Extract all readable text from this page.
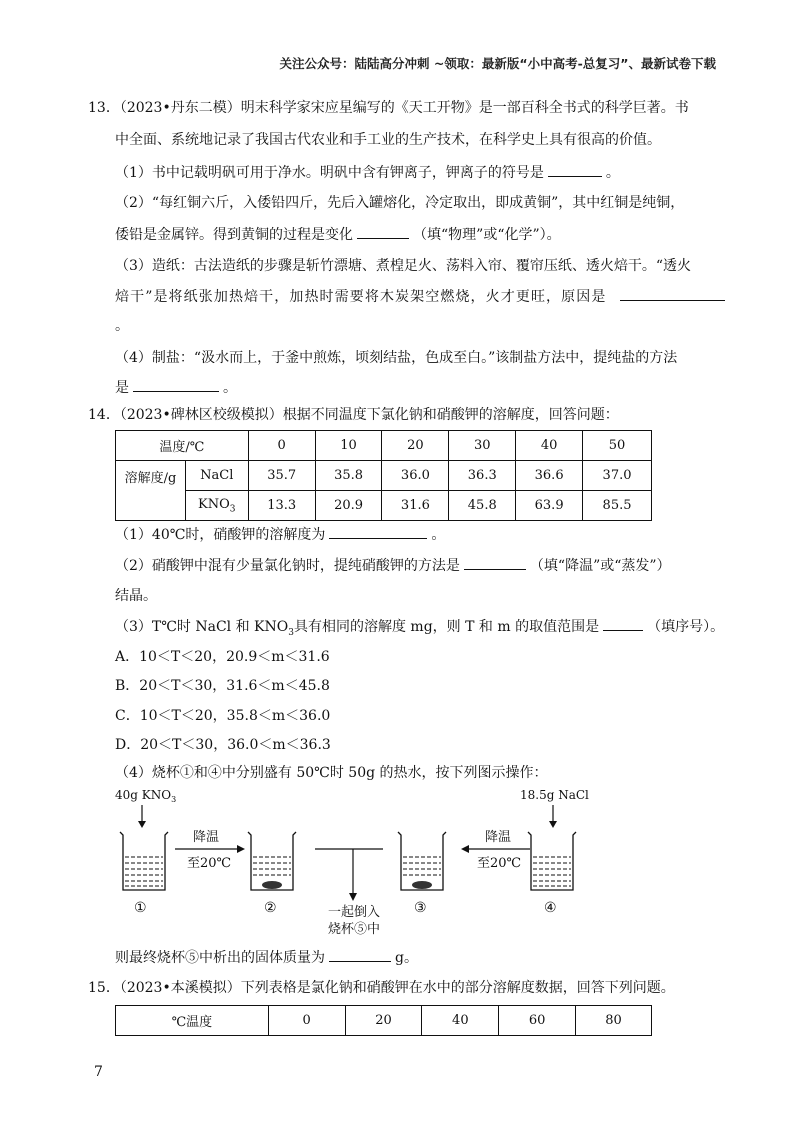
关注公众号：陆陆高分冲刺 ~领取：最新版“小中高考-总复习”、最新试卷下载
13．（2023•丹东二模）明末科学家宋应星编写的《天工开物》是一部百科全书式的科学巨著。书
中全面、系统地记录了我国古代农业和手工业的生产技术，在科学史上具有很高的价值。
（1）书中记载明矾可用于净水。明矾中含有钾离子，钾离子的符号是	。
（2）“每红铜六斤，入倭铅四斤，先后入罐熔化，冷定取出，即成黄铜”，其中红铜是纯铜，
倭铅是金属锌。得到黄铜的过程是变化	（填“物理”或“化学”）。
（3）造纸：古法造纸的步骤是斩竹漂塘、煮楻足火、荡料入帘、覆帘压纸、透火焙干。“透火
焙干”是将纸张加热焙干，加热时需要将木炭架空燃烧，火才更旺，原因是
。
（4）制盐：“汲水而上，于釜中煎炼，顷刻结盐，色成至白。”该制盐方法中，提纯盐的方法
是	。
14．（2023•碑林区校级模拟）根据不同温度下氯化钠和硝酸钾的溶解度，回答问题：
温度/℃		0	10	20	30	40	50
溶解度/g	NaCl	35.7	35.8	36.0	36.3	36.6	37.0
	$KNO_3$	13.3	20.9	31.6	45.8	63.9	85.5
（1）40℃时，硝酸钾的溶解度为	。
（2）硝酸钾中混有少量氯化钠时，提纯硝酸钾的方法是	（填“降温”或“蒸发”）
结晶。
（3）T℃时 NaCl 和 $KNO_3$具有相同的溶解度 mg，则 T 和 m 的取值范围是	（填序号）。
A．10＜T＜20，20.9＜m＜31.6
B．20＜T＜30，31.6＜m＜45.8
C．10＜T＜20，35.8＜m＜36.0
D．20＜T＜30，36.0＜m＜36.3
（4）烧杯①和④中分别盛有 50℃时 50g 的热水，按下列图示操作：
40g $KNO_3$
①
降温
至20℃
②	一起倒入
烧杯⑤中
③
降温
至20℃
18.5g NaCl
④
则最终烧杯⑤中析出的固体质量为	g。
15．（2023•本溪模拟）下列表格是氯化钠和硝酸钾在水中的部分溶解度数据，回答下列问题。
℃温度	0	20	40	60	80
7
